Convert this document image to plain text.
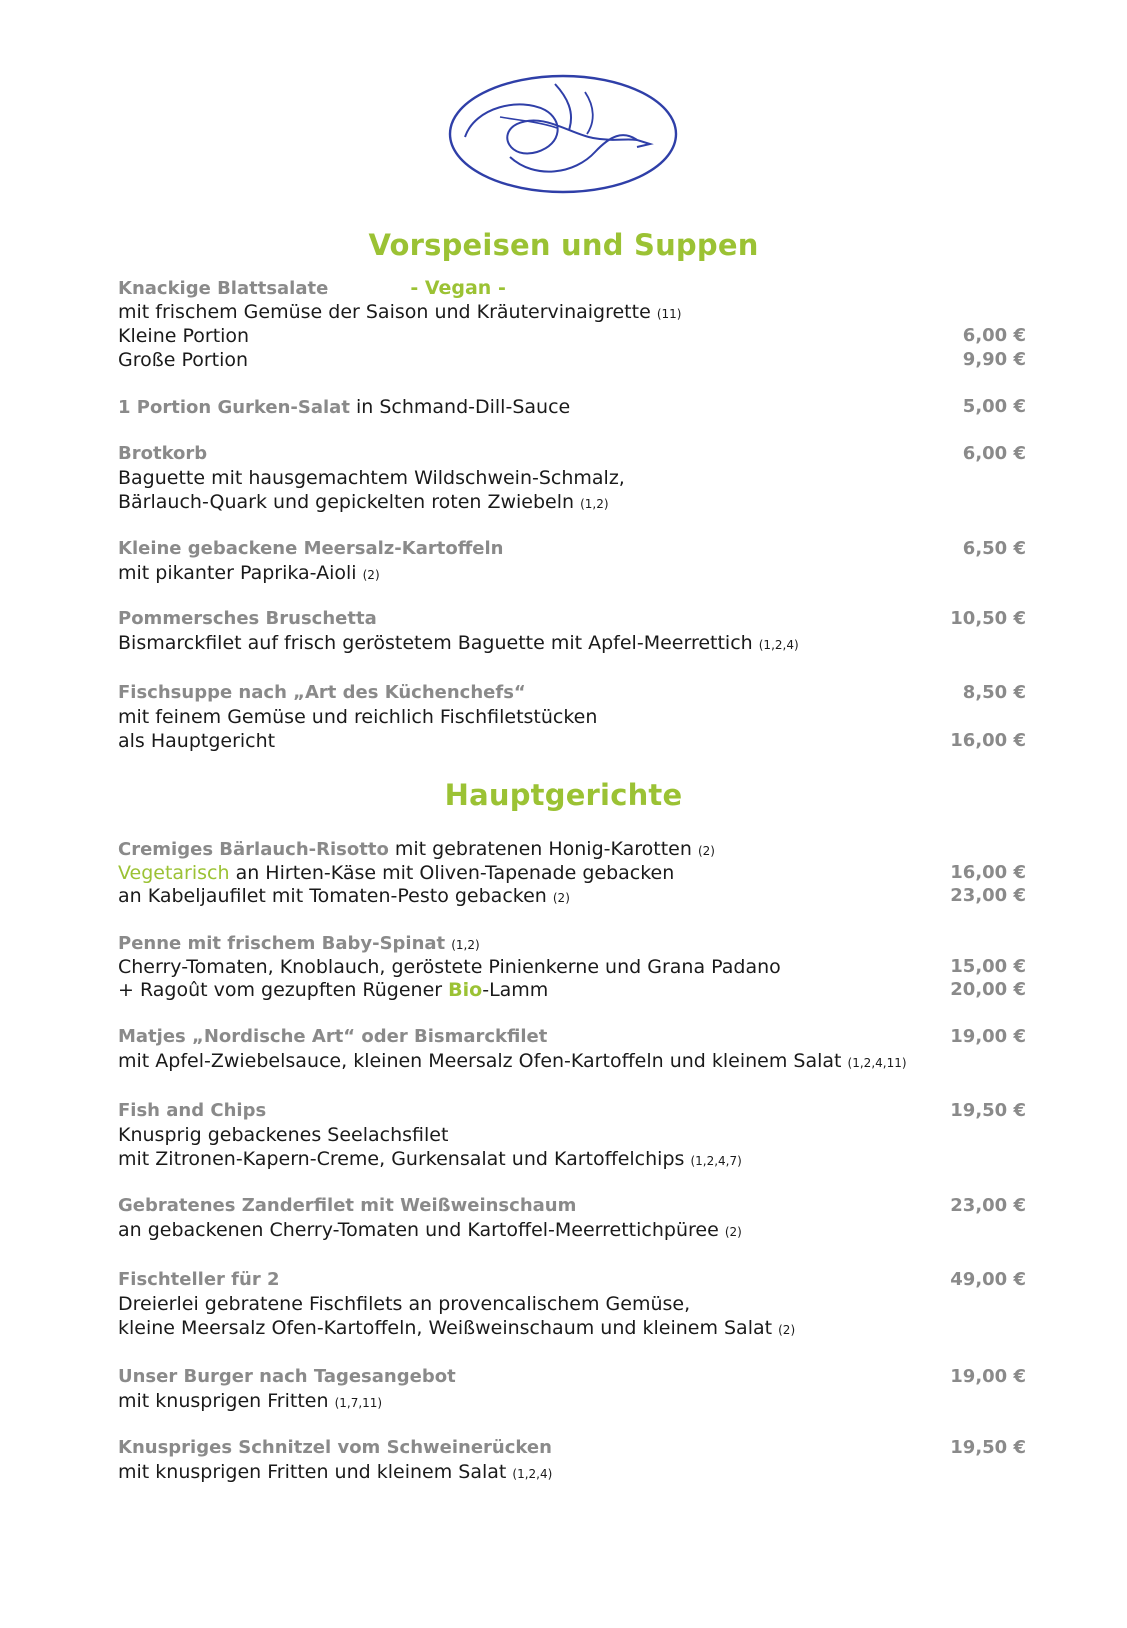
Vorspeisen und Suppen
Knackige Blattsalate	- Vegan -
mit frischem Gemüse der Saison und Kräutervinaigrette (11)
Kleine Portion	6,00 €
Große Portion	9,90 €
1 Portion Gurken-Salat in Schmand-Dill-Sauce	5,00 €
Brotkorb	6,00 €
Baguette mit hausgemachtem Wildschwein-Schmalz,
Bärlauch-Quark und gepickelten roten Zwiebeln (1,2)
Kleine gebackene Meersalz-Kartoffeln	6,50 €
mit pikanter Paprika-Aioli (2)
Pommersches Bruschetta	10,50 €
Bismarckfilet auf frisch geröstetem Baguette mit Apfel-Meerrettich (1,2,4)
Fischsuppe nach „Art des Küchenchefs“	8,50 €
mit feinem Gemüse und reichlich Fischfiletstücken
als Hauptgericht	16,00 €
Hauptgerichte
Cremiges Bärlauch-Risotto mit gebratenen Honig-Karotten (2)
Vegetarisch an Hirten-Käse mit Oliven-Tapenade gebacken	16,00 €
an Kabeljaufilet mit Tomaten-Pesto gebacken (2)	23,00 €
Penne mit frischem Baby-Spinat (1,2)
Cherry-Tomaten, Knoblauch, geröstete Pinienkerne und Grana Padano	15,00 €
+ Ragoût vom gezupften Rügener Bio-Lamm	20,00 €
Matjes „Nordische Art“ oder Bismarckfilet	19,00 €
mit Apfel-Zwiebelsauce, kleinen Meersalz Ofen-Kartoffeln und kleinem Salat (1,2,4,11)
Fish and Chips	19,50 €
Knusprig gebackenes Seelachsfilet
mit Zitronen-Kapern-Creme, Gurkensalat und Kartoffelchips (1,2,4,7)
Gebratenes Zanderfilet mit Weißweinschaum	23,00 €
an gebackenen Cherry-Tomaten und Kartoffel-Meerrettichpüree (2)
Fischteller für 2	49,00 €
Dreierlei gebratene Fischfilets an provencalischem Gemüse,
kleine Meersalz Ofen-Kartoffeln, Weißweinschaum und kleinem Salat (2)
Unser Burger nach Tagesangebot	19,00 €
mit knusprigen Fritten (1,7,11)
Knuspriges Schnitzel vom Schweinerücken	19,50 €
mit knusprigen Fritten und kleinem Salat (1,2,4)
